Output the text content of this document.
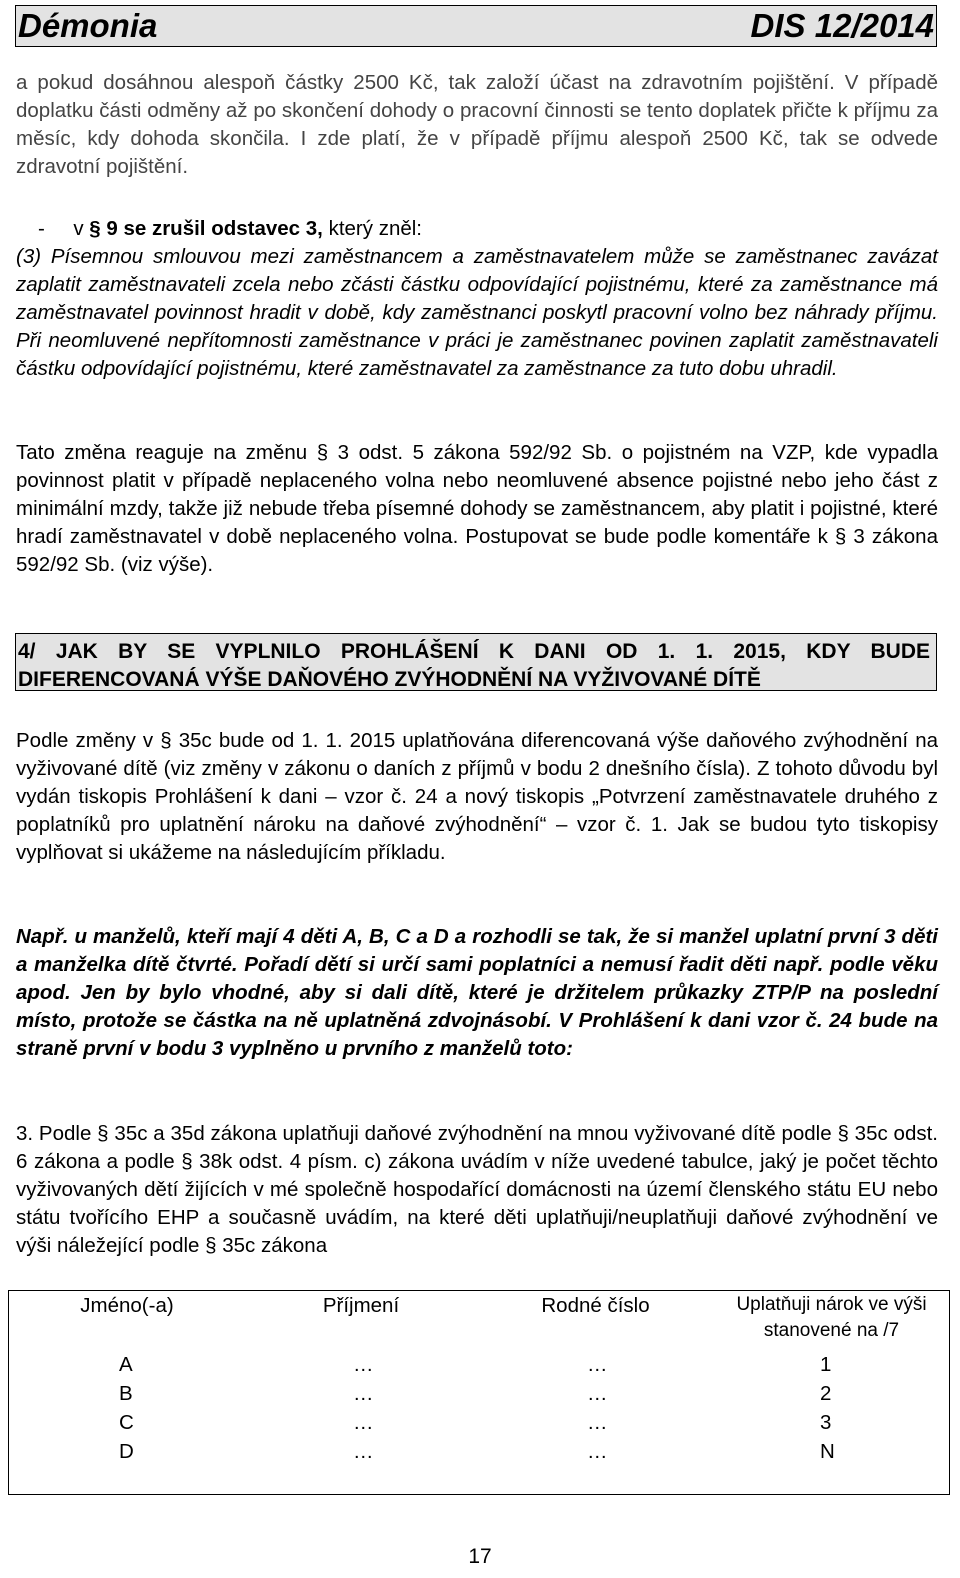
Démonia	DIS 12/2014

a pokud dosáhnou alespoň částky 2500 Kč, tak založí účast na zdravotním pojištění. V případě doplatku části odměny až po skončení dohody o pracovní činnosti se tento doplatek přičte k příjmu za měsíc, kdy dohoda skončila. I zde platí, že v případě příjmu alespoň 2500 Kč, tak se odvede zdravotní pojištění.

- v § 9 se zrušil odstavec 3, který zněl:

(3) Písemnou smlouvou mezi zaměstnancem a zaměstnavatelem může se zaměstnanec zavázat zaplatit zaměstnavateli zcela nebo zčásti částku odpovídající pojistnému, které za zaměstnance má zaměstnavatel povinnost hradit v době, kdy zaměstnanci poskytl pracovní volno bez náhrady příjmu. Při neomluvené nepřítomnosti zaměstnance v práci je zaměstnanec povinen zaplatit zaměstnavateli částku odpovídající pojistnému, které zaměstnavatel za zaměstnance za tuto dobu uhradil.

Tato změna reaguje na změnu § 3 odst. 5 zákona 592/92 Sb. o pojistném na VZP, kde vypadla povinnost platit v případě neplaceného volna nebo neomluvené absence pojistné nebo jeho část z minimální mzdy, takže již nebude třeba písemné dohody se zaměstnancem, aby platit i pojistné, které hradí zaměstnavatel v době neplaceného volna. Postupovat se bude podle komentáře k § 3 zákona 592/92 Sb. (viz výše).

4/ JAK BY SE VYPLNILO PROHLÁŠENÍ K DANI OD 1. 1. 2015, KDY BUDE
DIFERENCOVANÁ VÝŠE DAŇOVÉHO ZVÝHODNĚNÍ NA VYŽIVOVANÉ DÍTĚ

Podle změny v § 35c bude od 1. 1. 2015 uplatňována diferencovaná výše daňového zvýhodnění na vyživované dítě (viz změny v zákonu o daních z příjmů v bodu 2 dnešního čísla). Z tohoto důvodu byl vydán tiskopis Prohlášení k dani – vzor č. 24 a nový tiskopis „Potvrzení zaměstnavatele druhého z poplatníků pro uplatnění nároku na daňové zvýhodnění“ – vzor č. 1. Jak se budou tyto tiskopisy vyplňovat si ukážeme na následujícím příkladu.

Např. u manželů, kteří mají 4 děti A, B, C a D a rozhodli se tak, že si manžel uplatní první 3 děti a manželka dítě čtvrté. Pořadí dětí si určí sami poplatníci a nemusí řadit děti např. podle věku apod. Jen by bylo vhodné, aby si dali dítě, které je držitelem průkazky ZTP/P na poslední místo, protože se částka na ně uplatněná zdvojnásobí. V Prohlášení k dani vzor č. 24 bude na straně první v bodu 3 vyplněno u prvního z manželů toto:

3. Podle § 35c a 35d zákona uplatňuji daňové zvýhodnění na mnou vyživované dítě podle § 35c odst. 6 zákona a podle § 38k odst. 4 písm. c) zákona uvádím v níže uvedené tabulce, jaký je počet těchto vyživovaných dětí žijících v mé společně hospodařící domácnosti na území členského státu EU nebo státu tvořícího EHP a současně uvádím, na které děti uplatňuji/neuplatňuji daňové zvýhodnění ve výši náležející podle § 35c zákona

Jméno(-a)	Příjmení	Rodné číslo	Uplatňuji nárok ve výši stanovené na /7
A	…	…	1
B	…	…	2
C	…	…	3
D	…	…	N
17
